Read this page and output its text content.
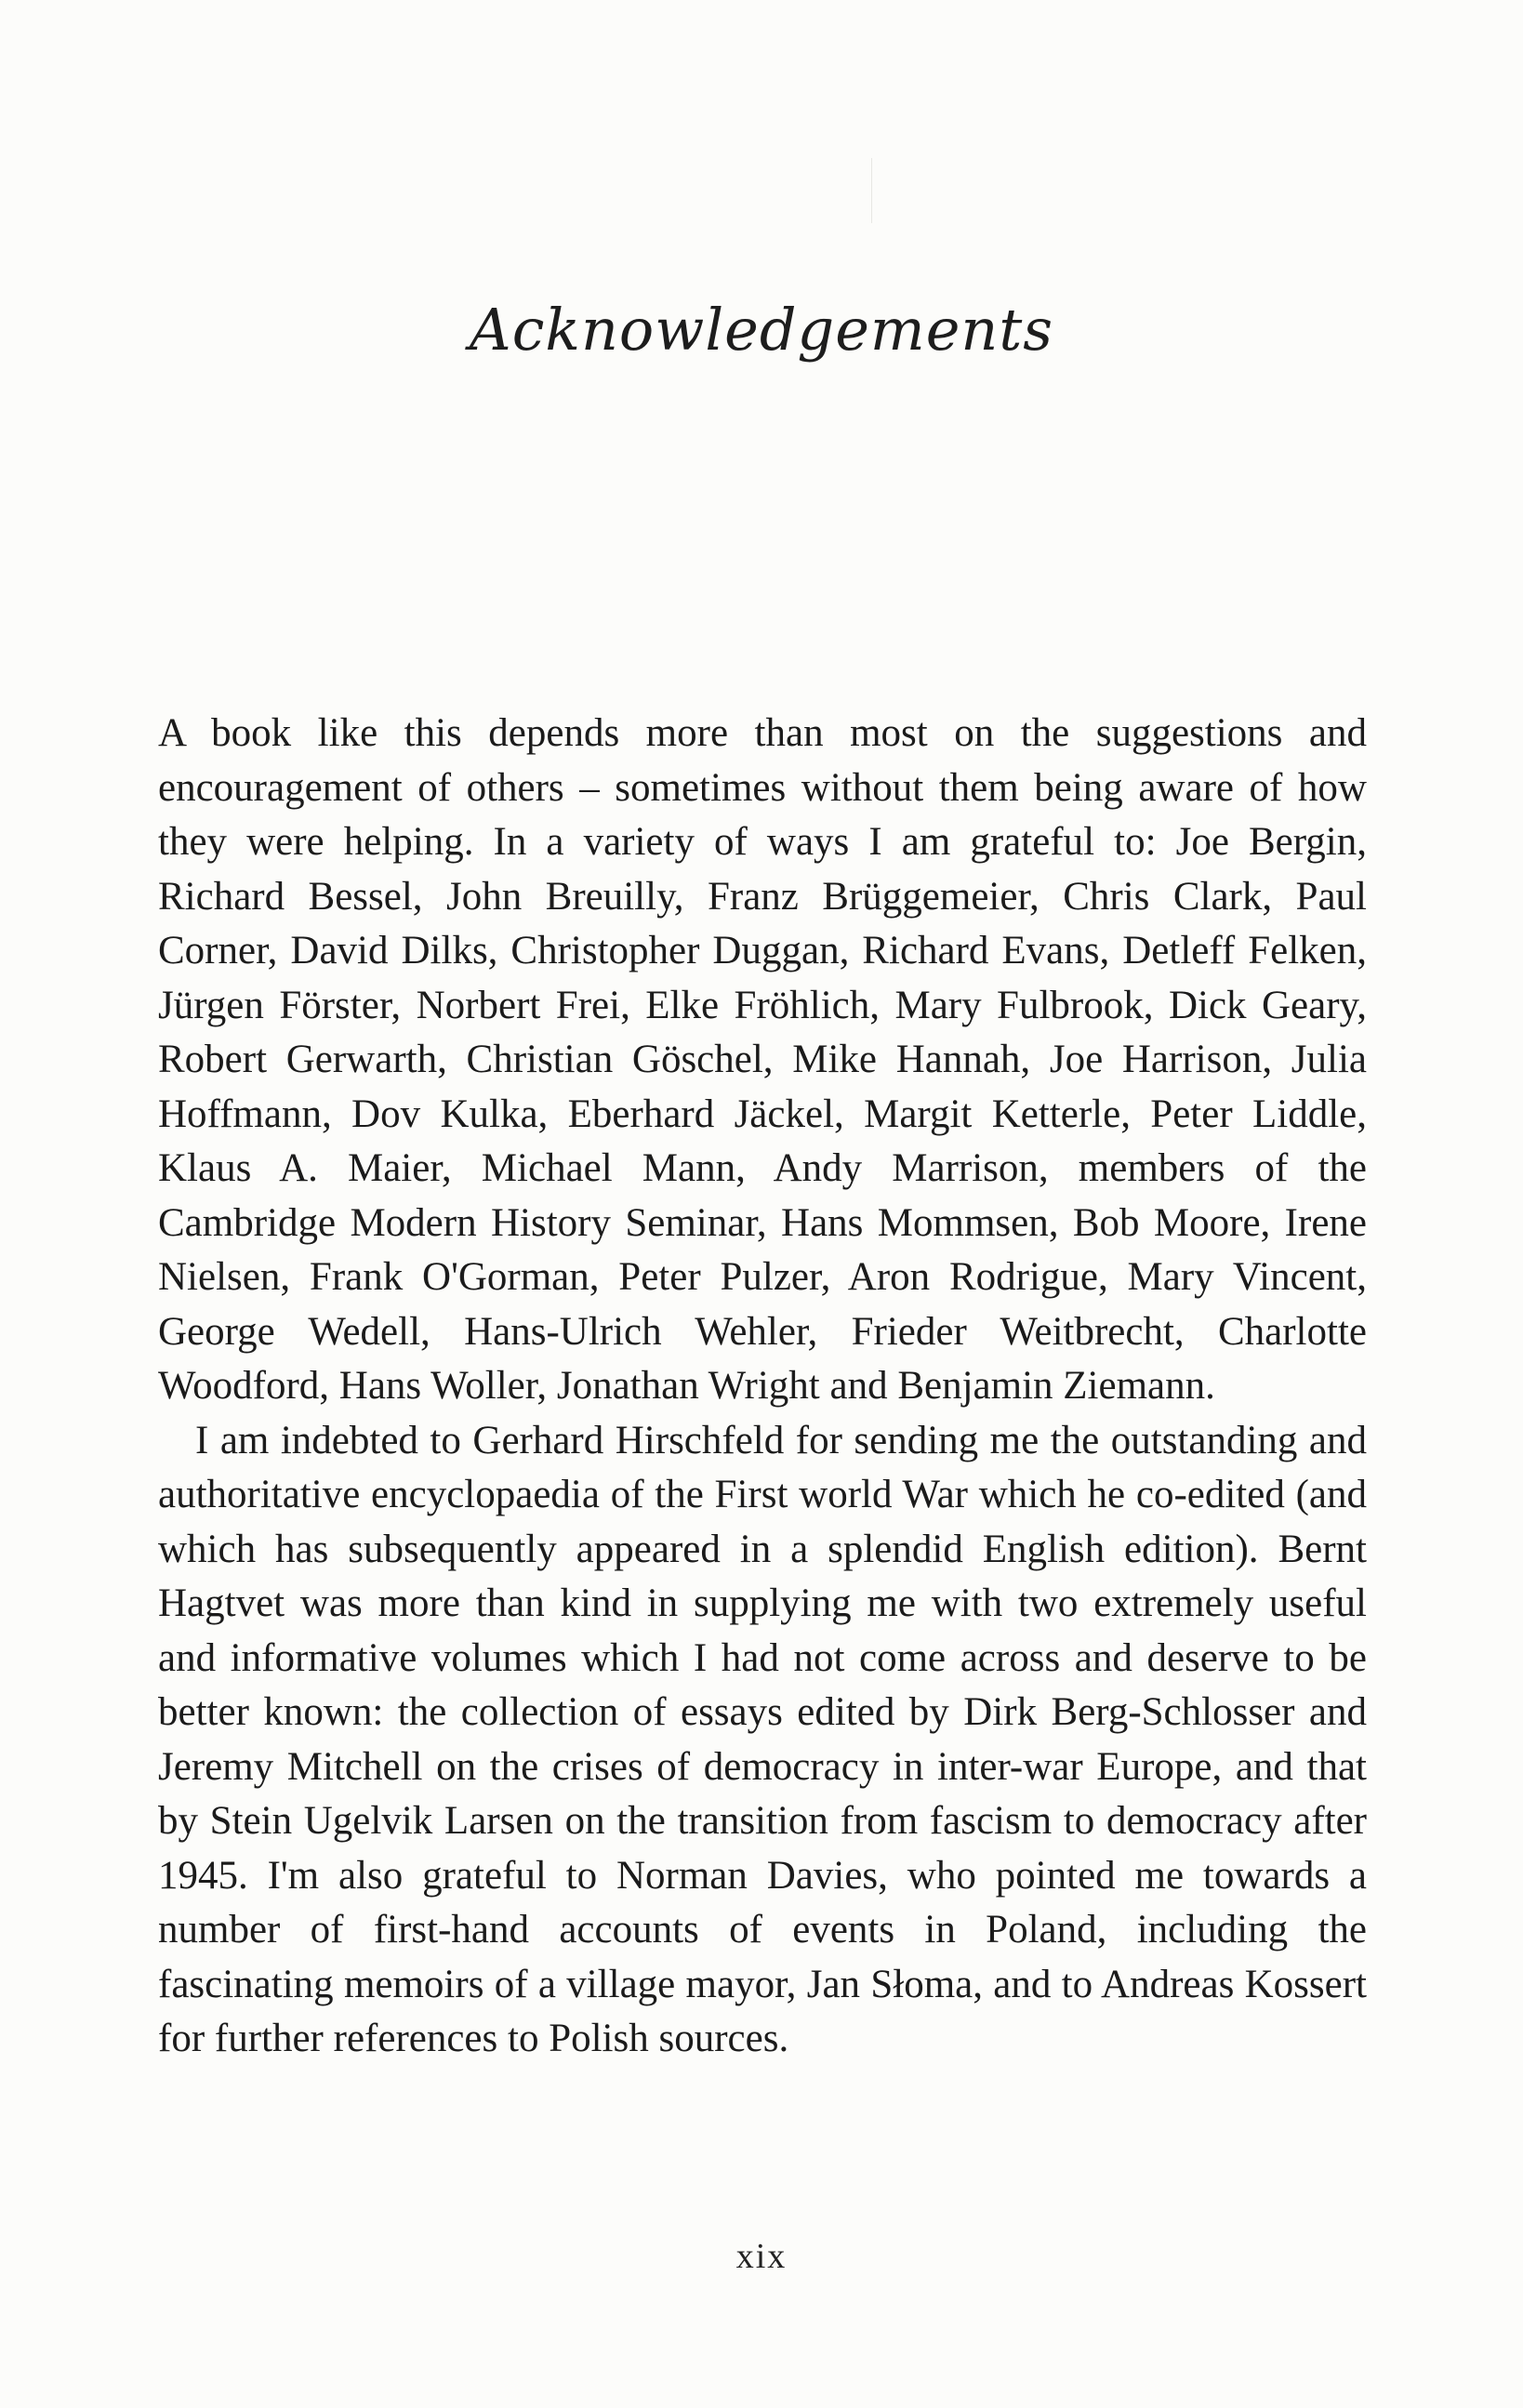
Acknowledgements

A book like this depends more than most on the suggestions and encouragement of others – sometimes without them being aware of how they were helping. In a variety of ways I am grateful to: Joe Bergin, Richard Bessel, John Breuilly, Franz Brüggemeier, Chris Clark, Paul Corner, David Dilks, Christopher Duggan, Richard Evans, Detleff Felken, Jürgen Förster, Norbert Frei, Elke Fröhlich, Mary Fulbrook, Dick Geary, Robert Gerwarth, Christian Göschel, Mike Hannah, Joe Harrison, Julia Hoffmann, Dov Kulka, Eberhard Jäckel, Margit Ketterle, Peter Liddle, Klaus A. Maier, Michael Mann, Andy Marrison, members of the Cambridge Modern History Seminar, Hans Mommsen, Bob Moore, Irene Nielsen, Frank O'Gorman, Peter Pulzer, Aron Rodrigue, Mary Vincent, George Wedell, Hans-Ulrich Wehler, Frieder Weitbrecht, Charlotte Woodford, Hans Woller, Jonathan Wright and Benjamin Ziemann.

I am indebted to Gerhard Hirschfeld for sending me the outstanding and authoritative encyclopaedia of the First world War which he co-edited (and which has subsequently appeared in a splendid English edition). Bernt Hagtvet was more than kind in supplying me with two extremely useful and informative volumes which I had not come across and deserve to be better known: the collection of essays edited by Dirk Berg-Schlosser and Jeremy Mitchell on the crises of democracy in inter-war Europe, and that by Stein Ugelvik Larsen on the transition from fascism to democracy after 1945. I'm also grateful to Norman Davies, who pointed me towards a number of first-hand accounts of events in Poland, including the fascinating memoirs of a village mayor, Jan Słoma, and to Andreas Kossert for further references to Polish sources.

xix
